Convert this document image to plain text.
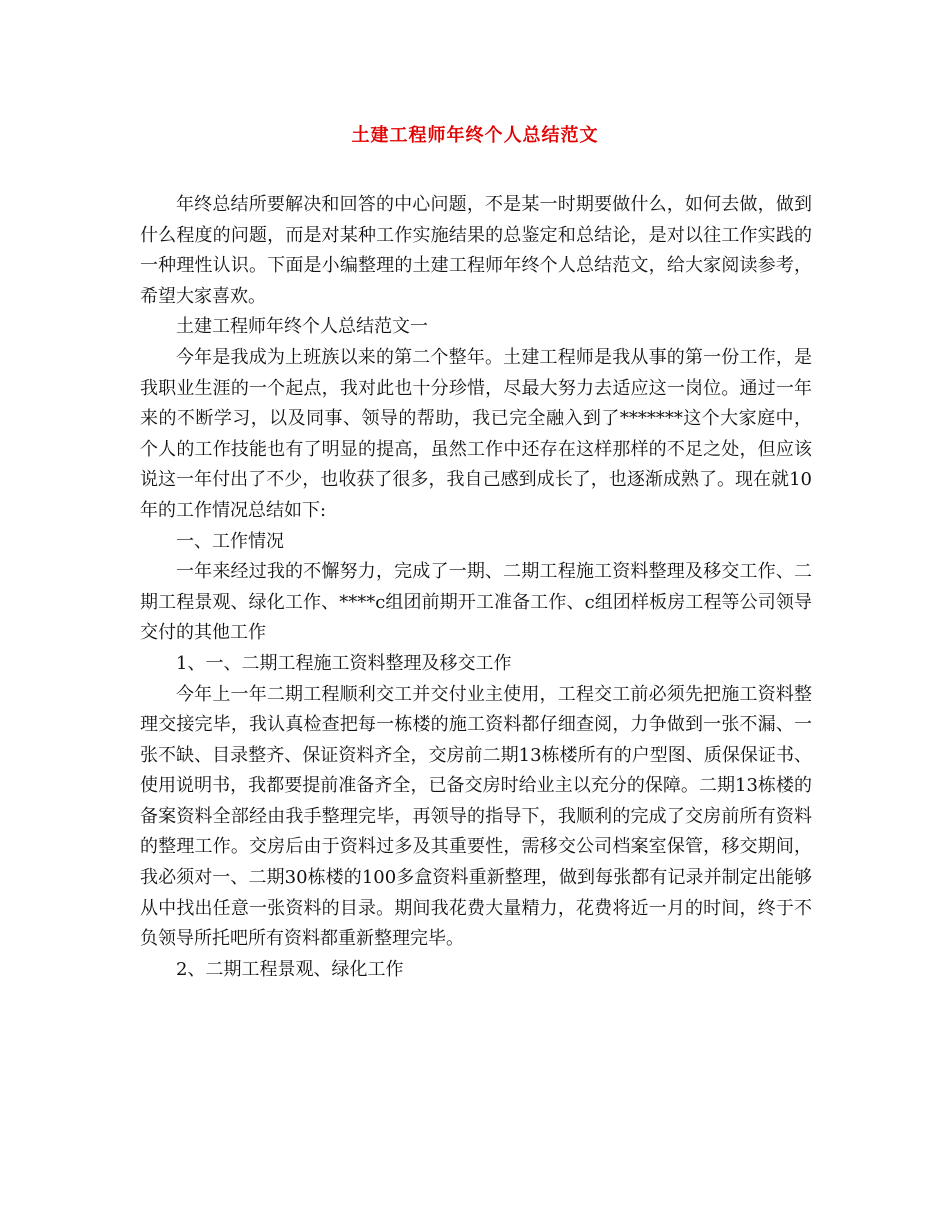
土建工程师年终个人总结范文

年终总结所要解决和回答的中心问题，不是某一时期要做什么，如何去做，做到什么程度的问题，而是对某种工作实施结果的总鉴定和总结论，是对以往工作实践的一种理性认识。下面是小编整理的土建工程师年终个人总结范文，给大家阅读参考，希望大家喜欢。

土建工程师年终个人总结范文一

今年是我成为上班族以来的第二个整年。土建工程师是我从事的第一份工作，是我职业生涯的一个起点，我对此也十分珍惜，尽最大努力去适应这一岗位。通过一年来的不断学习，以及同事、领导的帮助，我已完全融入到了*******这个大家庭中，个人的工作技能也有了明显的提高，虽然工作中还存在这样那样的不足之处，但应该说这一年付出了不少，也收获了很多，我自己感到成长了，也逐渐成熟了。现在就10年的工作情况总结如下:

一、工作情况

一年来经过我的不懈努力，完成了一期、二期工程施工资料整理及移交工作、二期工程景观、绿化工作、****c组团前期开工准备工作、c组团样板房工程等公司领导交付的其他工作

1、一、二期工程施工资料整理及移交工作

今年上一年二期工程顺利交工并交付业主使用，工程交工前必须先把施工资料整理交接完毕，我认真检查把每一栋楼的施工资料都仔细查阅，力争做到一张不漏、一张不缺、目录整齐、保证资料齐全，交房前二期13栋楼所有的户型图、质保保证书、使用说明书，我都要提前准备齐全，已备交房时给业主以充分的保障。二期13栋楼的备案资料全部经由我手整理完毕，再领导的指导下，我顺利的完成了交房前所有资料的整理工作。交房后由于资料过多及其重要性，需移交公司档案室保管，移交期间，我必须对一、二期30栋楼的100多盒资料重新整理，做到每张都有记录并制定出能够从中找出任意一张资料的目录。期间我花费大量精力，花费将近一月的时间，终于不负领导所托吧所有资料都重新整理完毕。

2、二期工程景观、绿化工作
